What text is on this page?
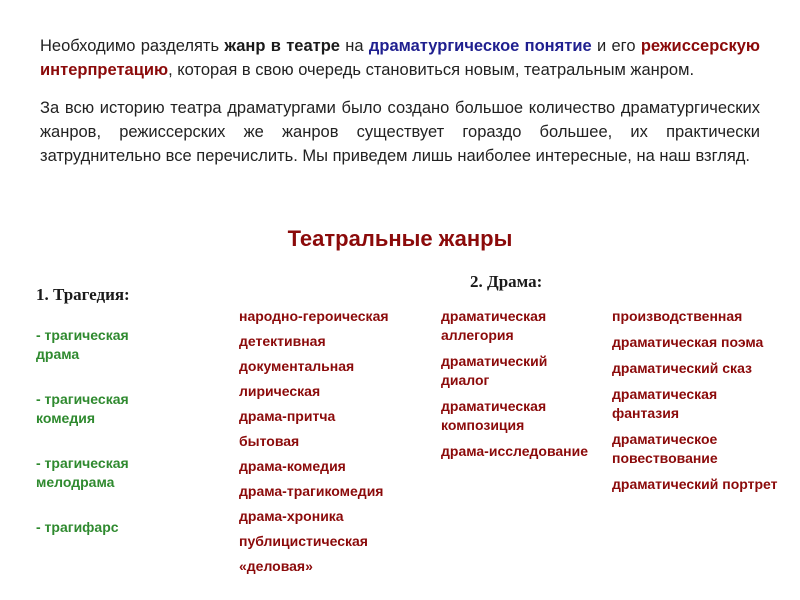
Необходимо разделять жанр в театре на драматургическое понятие и его режиссерскую интерпретацию, которая в свою очередь становиться новым, театральным жанром.

За всю историю театра драматургами было создано большое количество драматургических жанров, режиссерских же жанров существует гораздо большее, их практически затруднительно все перечислить. Мы приведем лишь наиболее интересные, на наш взгляд.

Театральные жанры
1. Трагедия:
- трагическая драма
- трагическая комедия
- трагическая мелодрама
- трагифарс
2. Драма:
народно-героическая
детективная
документальная
лирическая
драма-притча
бытовая
драма-комедия
драма-трагикомедия
драма-хроника
публицистическая
«деловая»
драматическая аллегория
драматический диалог
драматическая композиция
драма-исследование
производственная
драматическая поэма
драматический сказ
драматическая фантазия
драматическое повествование
драматический портрет
